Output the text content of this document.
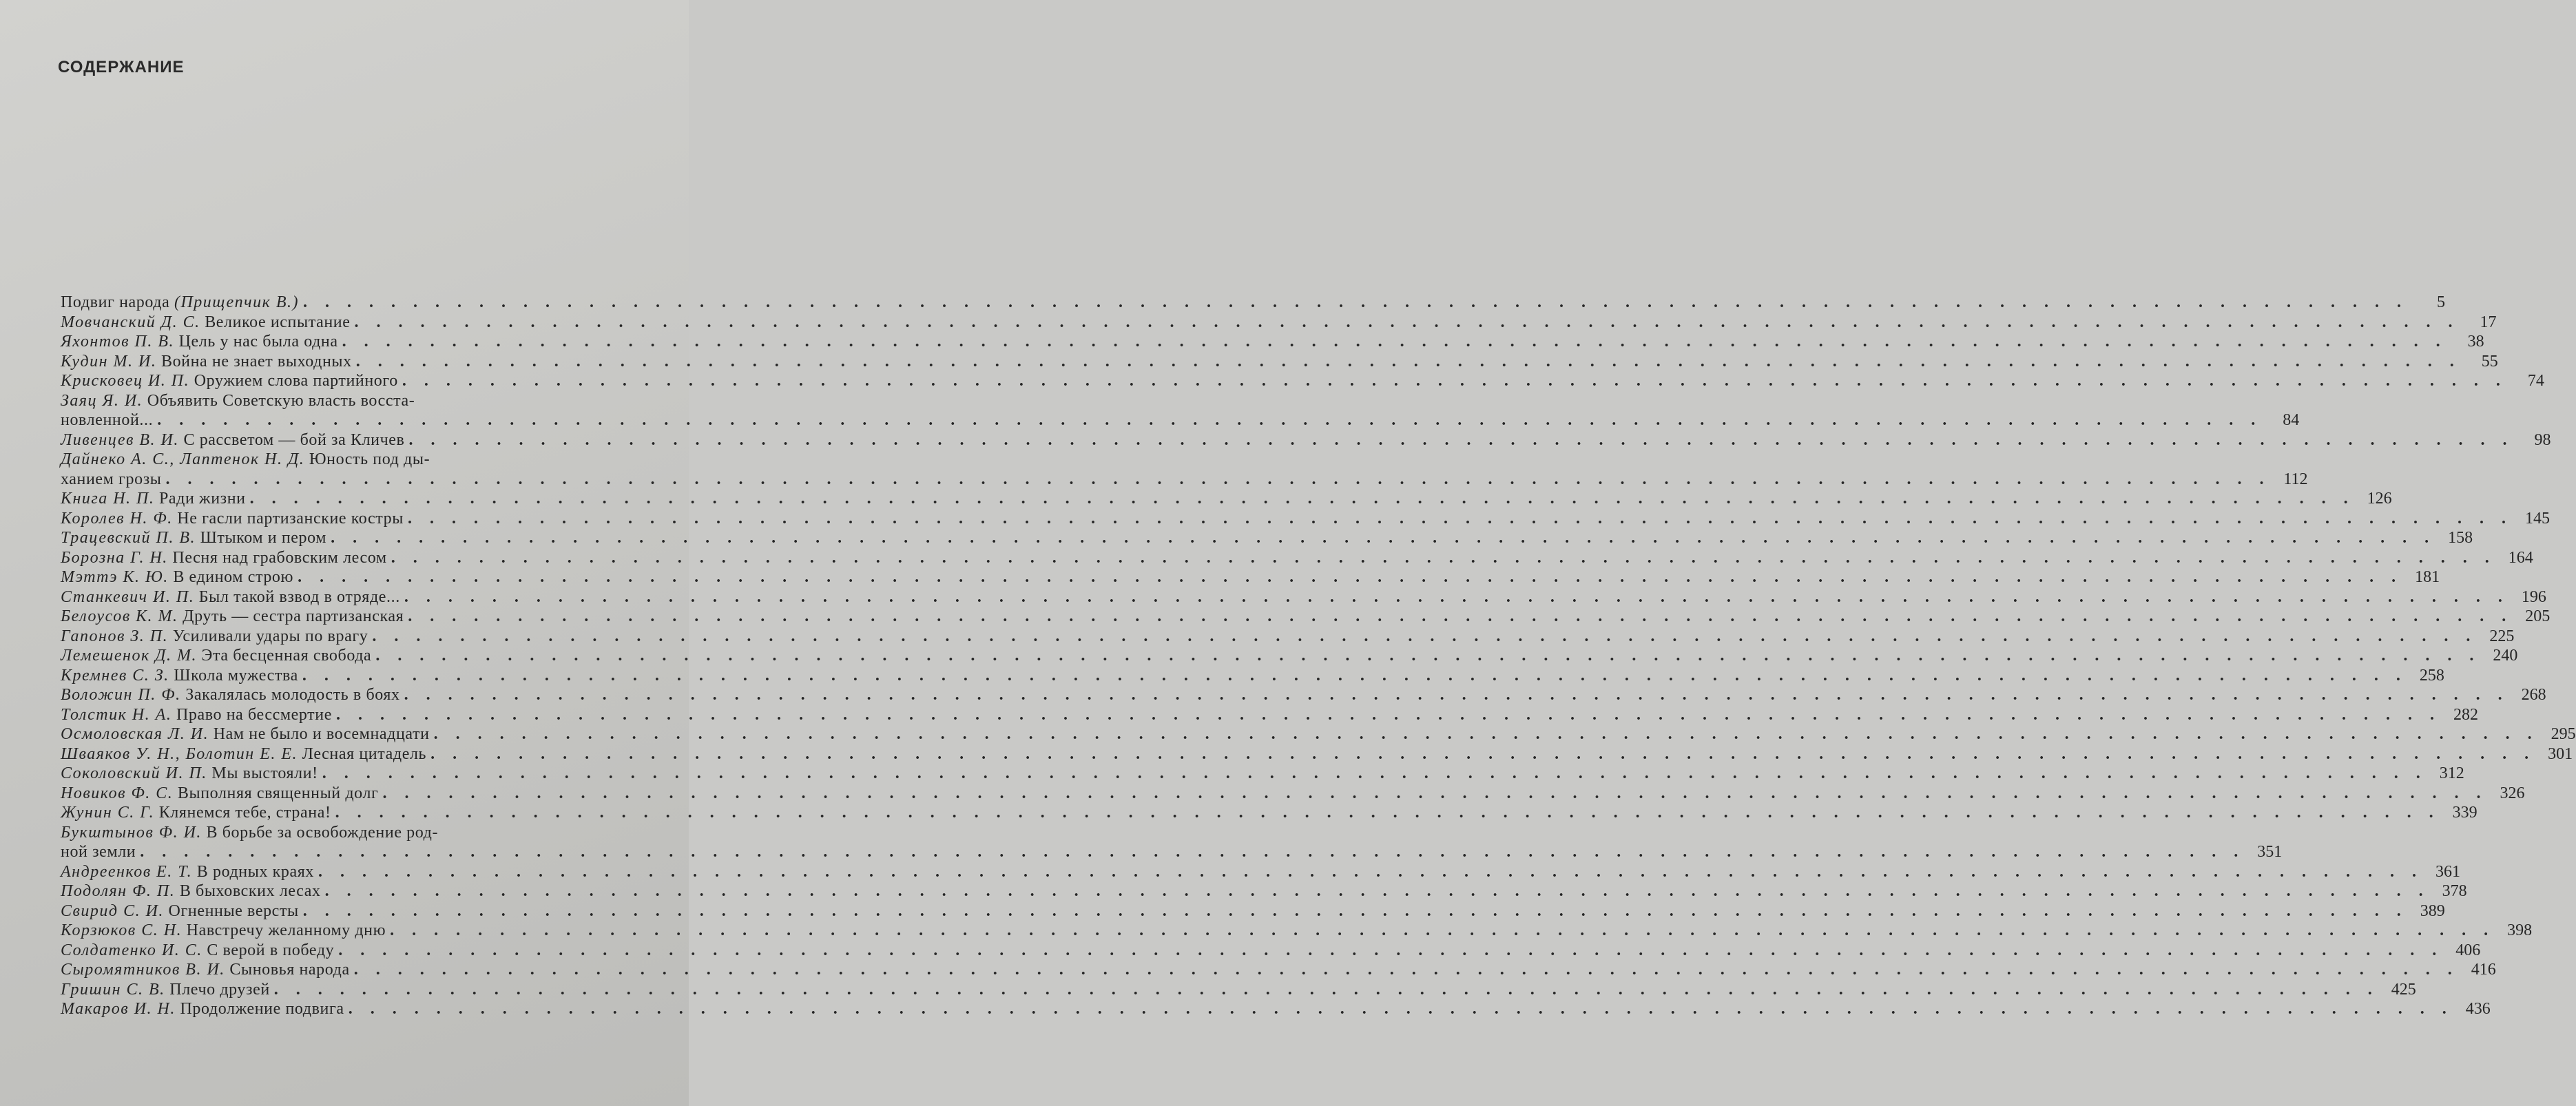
СОДЕРЖАНИЕ
Подвиг народа (Прищепчик В.) . . .	5
Мовчанский Д. С. Великое испытание . . .	17
Яхонтов П. В. Цель у нас была одна . . .	38
Кудин М. И. Война не знает выходных . . .	55
Крисковец И. П. Оружием слова партийного . . .	74
Заяц Я. И. Объявить Советскую власть восста-
новленной... . . .	84
Ливенцев В. И. С рассветом — бой за Кличев . . .	98
Дайнеко А. С., Лаптенок Н. Д. Юность под ды-
ханием грозы . . .	112
Книга Н. П. Ради жизни . . .	126
Королев Н. Ф. Не гасли партизанские костры . . .	145
Трацевский П. В. Штыком и пером . . .	158
Борозна Г. Н. Песня над грабовским лесом . . .	164
Мэттэ К. Ю. В едином строю . . .	181
Станкевич И. П. Был такой взвод в отряде... . . .	196
Белоусов К. М. Друть — сестра партизанская . . .	205
Гапонов З. П. Усиливали удары по врагу . . .	225
Лемешенок Д. М. Эта бесценная свобода . . .	240
Кремнев С. З. Школа мужества . . .	258
Воложин П. Ф. Закалялась молодость в боях . . .	268
Толстик Н. А. Право на бессмертие . . .	282
Осмоловская Л. И. Нам не было и восемнадцати . . .	295
Шваяков У. Н., Болотин Е. Е. Лесная цитадель . . .	301
Соколовский И. П. Мы выстояли! . . .	312
Новиков Ф. С. Выполняя священный долг . . .	326
Жунин С. Г. Клянемся тебе, страна! . . .	339
Букштынов Ф. И. В борьбе за освобождение род-
ной земли . . .	351
Андреенков Е. Т. В родных краях . . .	361
Подолян Ф. П. В быховских лесах . . .	378
Свирид С. И. Огненные версты . . .	389
Корзюков С. Н. Навстречу желанному дню . . .	398
Солдатенко И. С. С верой в победу . . .	406
Сыромятников В. И. Сыновья народа . . .	416
Гришин С. В. Плечо друзей . . .	425
Макаров И. Н. Продолжение подвига . . .	436
